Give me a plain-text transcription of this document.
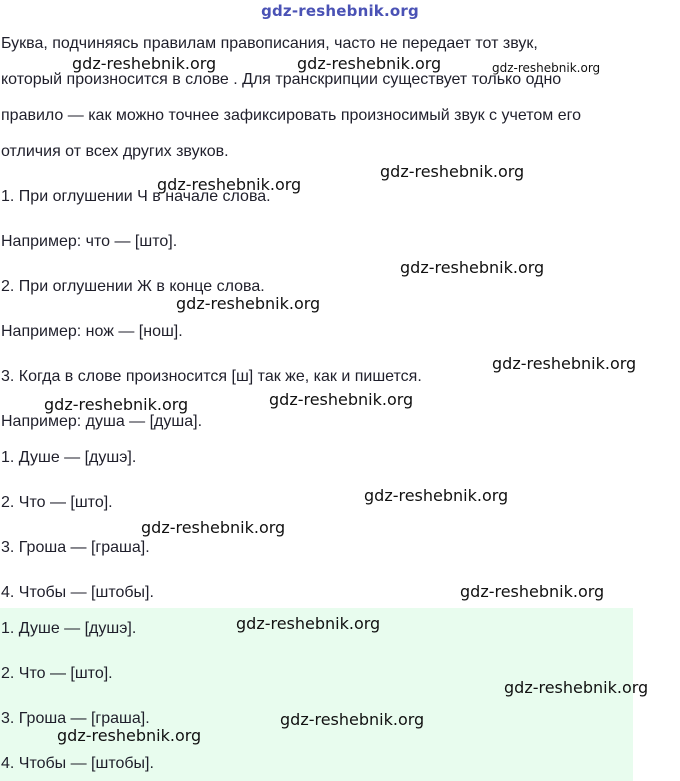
gdz-reshebnik.org
Буква, подчиняясь правилам правописания, часто не передает тот звук,
который произносится в слове . Для транскрипции существует только одно
правило — как можно точнее зафиксировать произносимый звук с учетом его
отличия от всех других звуков.
1. При оглушении Ч в начале слова.
Например: что — [што].
2. При оглушении Ж в конце слова.
Например: нож — [нош].
3. Когда в слове произносится [ш] так же, как и пишется.
Например: душа — [душа].
1. Душе — [душэ].
2. Что — [што].
3. Гроша — [граша].
4. Чтобы — [штобы].
1. Душе — [душэ].
2. Что — [што].
3. Гроша — [граша].
4. Чтобы — [штобы].
gdz-reshebnik.org	gdz-reshebnik.org	gdz-reshebnik.org
gdz-reshebnik.org
gdz-reshebnik.org
gdz-reshebnik.org
gdz-reshebnik.org
gdz-reshebnik.org
gdz-reshebnik.org	gdz-reshebnik.org
gdz-reshebnik.org
gdz-reshebnik.org
gdz-reshebnik.org
gdz-reshebnik.org
gdz-reshebnik.org
gdz-reshebnik.org
gdz-reshebnik.org
